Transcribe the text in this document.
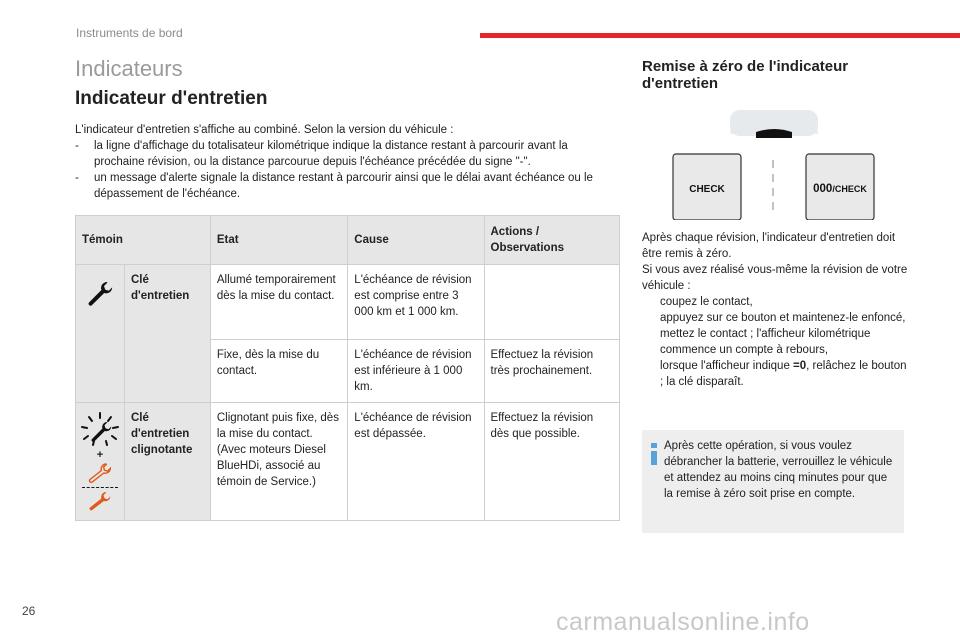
Instruments de bord
Indicateurs
Indicateur d'entretien

L'indicateur d'entretien s'affiche au combiné. Selon la version du véhicule :

-	la ligne d'affichage du totalisateur kilométrique indique la distance restant à parcourir avant la prochaine révision, ou la distance parcourue depuis l'échéance précédée du signe "-".
-	un message d'alerte signale la distance restant à parcourir ainsi que le délai avant échéance ou le dépassement de l'échéance.
Témoin		Etat	Cause	Actions / Observations
	Clé d'entretien	Allumé temporairement dès la mise du contact.	L'échéance de révision est comprise entre 3 000 km et 1 000 km.	
		Fixe, dès la mise du contact.	L'échéance de révision est inférieure à 1 000 km.	Effectuez la révision très prochainement.

+	Clé d'entretien clignotante	Clignotant puis fixe, dès la mise du contact.
(Avec moteurs Diesel BlueHDi, associé au témoin de Service.)	L'échéance de révision est dépassée.	Effectuez la révision dès que possible.
Remise à zéro de l'indicateur d'entretien
CHECK	000/CHECK

Après chaque révision, l'indicateur d'entretien doit être remis à zéro.

Si vous avez réalisé vous-même la révision de votre véhicule :

coupez le contact,
appuyez sur ce bouton et maintenez-le enfoncé,
mettez le contact ; l'afficheur kilométrique commence un compte à rebours,
lorsque l'afficheur indique =0, relâchez le bouton ; la clé disparaît.

Après cette opération, si vous voulez débrancher la batterie, verrouillez le véhicule et attendez au moins cinq minutes pour que la remise à zéro soit prise en compte.

26	carmanualsonline.info
